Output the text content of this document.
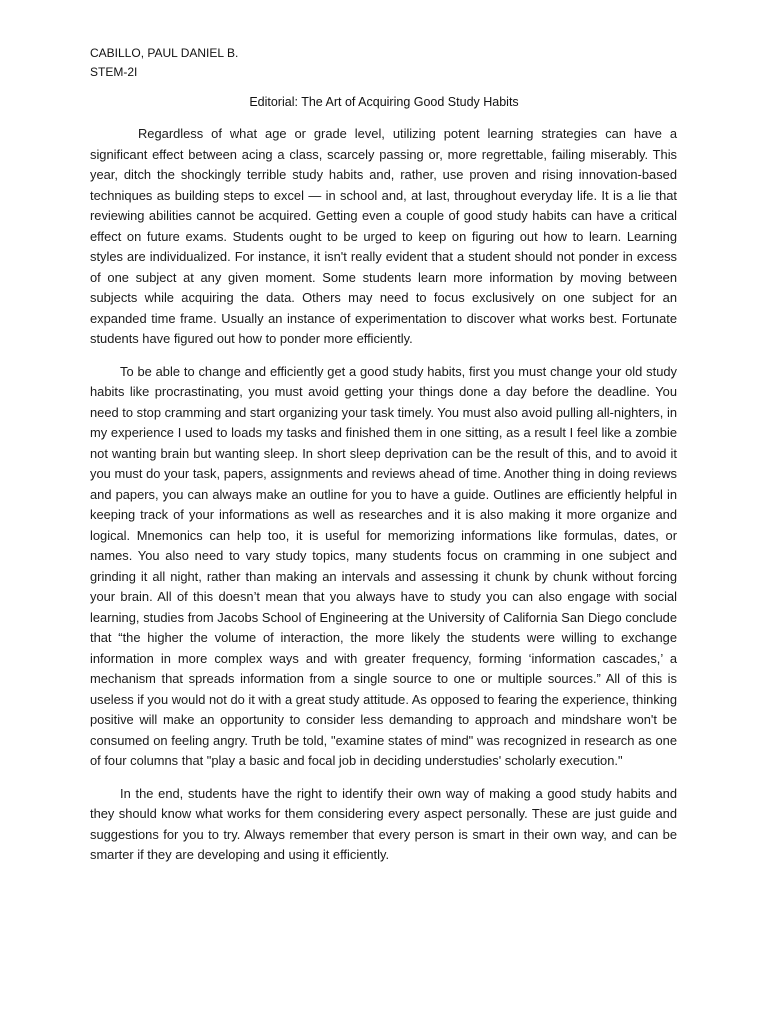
CABILLO, PAUL DANIEL B.
STEM-2I
Editorial: The Art of Acquiring Good Study Habits

Regardless of what age or grade level, utilizing potent learning strategies can have a significant effect between acing a class, scarcely passing or, more regrettable, failing miserably. This year, ditch the shockingly terrible study habits and, rather, use proven and rising innovation-based techniques as building steps to excel — in school and, at last, throughout everyday life. It is a lie that reviewing abilities cannot be acquired. Getting even a couple of good study habits can have a critical effect on future exams. Students ought to be urged to keep on figuring out how to learn. Learning styles are individualized. For instance, it isn't really evident that a student should not ponder in excess of one subject at any given moment. Some students learn more information by moving between subjects while acquiring the data. Others may need to focus exclusively on one subject for an expanded time frame. Usually an instance of experimentation to discover what works best. Fortunate students have figured out how to ponder more efficiently.

To be able to change and efficiently get a good study habits, first you must change your old study habits like procrastinating, you must avoid getting your things done a day before the deadline. You need to stop cramming and start organizing your task timely. You must also avoid pulling all-nighters, in my experience I used to loads my tasks and finished them in one sitting, as a result I feel like a zombie not wanting brain but wanting sleep. In short sleep deprivation can be the result of this, and to avoid it you must do your task, papers, assignments and reviews ahead of time. Another thing in doing reviews and papers, you can always make an outline for you to have a guide. Outlines are efficiently helpful in keeping track of your informations as well as researches and it is also making it more organize and logical. Mnemonics can help too, it is useful for memorizing informations like formulas, dates, or names. You also need to vary study topics, many students focus on cramming in one subject and grinding it all night, rather than making an intervals and assessing it chunk by chunk without forcing your brain. All of this doesn’t mean that you always have to study you can also engage with social learning, studies from Jacobs School of Engineering at the University of California San Diego conclude that “the higher the volume of interaction, the more likely the students were willing to exchange information in more complex ways and with greater frequency, forming ‘information cascades,’ a mechanism that spreads information from a single source to one or multiple sources.” All of this is useless if you would not do it with a great study attitude. As opposed to fearing the experience, thinking positive will make an opportunity to consider less demanding to approach and mindshare won't be consumed on feeling angry. Truth be told, "examine states of mind" was recognized in research as one of four columns that "play a basic and focal job in deciding understudies' scholarly execution."

In the end, students have the right to identify their own way of making a good study habits and they should know what works for them considering every aspect personally. These are just guide and suggestions for you to try. Always remember that every person is smart in their own way, and can be smarter if they are developing and using it efficiently.
